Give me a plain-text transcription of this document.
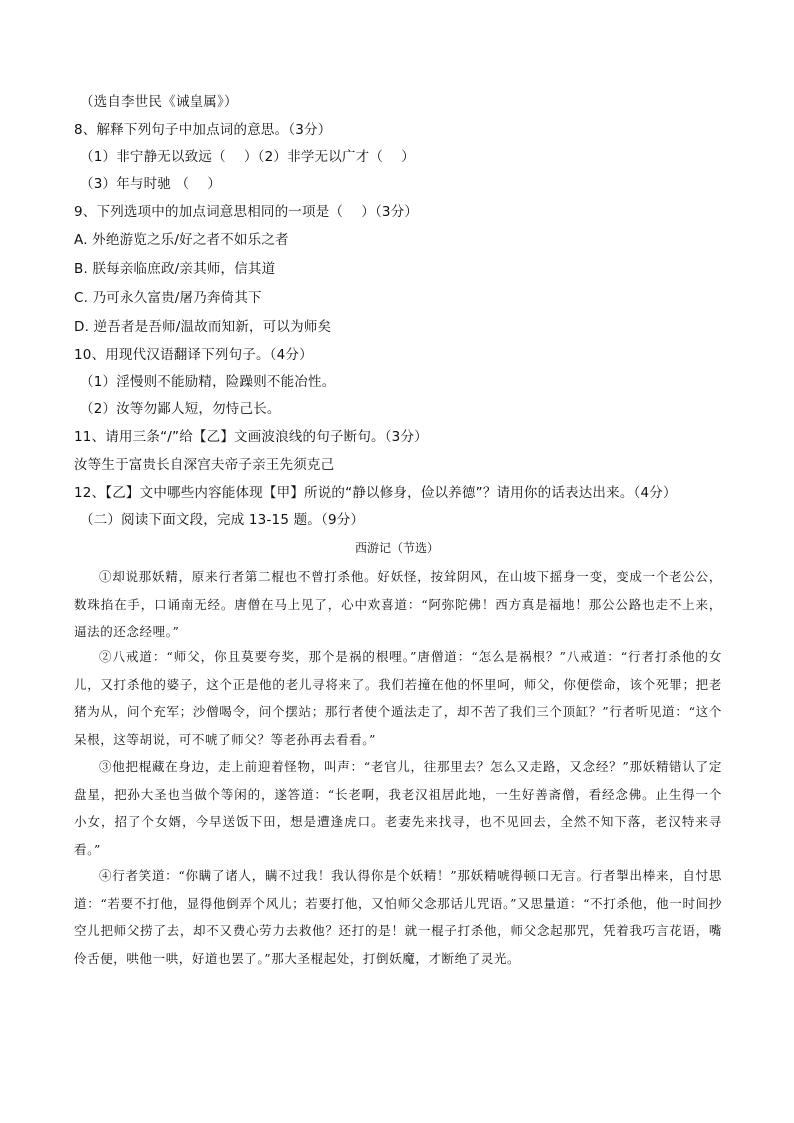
（选自李世民《诫皇属》）
8、解释下列句子中加点词的意思。（3分）
（1）非宁静无以致远（　 ）（2）非学无以广才（　 ）
（3）年与时驰 （　 ）
9、下列选项中的加点词意思相同的一项是（　 ）（3分）
A. 外绝游览之乐/好之者不如乐之者
B. 朕每亲临庶政/亲其师，信其道
C. 乃可永久富贵/屠乃奔倚其下
D. 逆吾者是吾师/温故而知新，可以为师矣
10、用现代汉语翻译下列句子。（4分）
（1）淫慢则不能励精，险躁则不能冶性。
（2）汝等勿鄙人短，勿恃己长。
11、请用三条“/”给【乙】文画波浪线的句子断句。（3分）
汝等生于富贵长自深宫夫帝子亲王先须克己
12、【乙】文中哪些内容能体现【甲】所说的“静以修身，俭以养德”？请用你的话表达出来。（4分）
（二）阅读下面文段，完成 13-15 题。（9分）
西游记（节选）
①却说那妖精，原来行者第二棍也不曾打杀他。好妖怪，按耸阴风，在山坡下摇身一变，变成一个老公公，数珠掐在手，口诵南无经。唐僧在马上见了，心中欢喜道：“阿弥陀佛！西方真是福地！那公公路也走不上来，逼法的还念经哩。”
②八戒道：“师父，你且莫要夸奖，那个是祸的根哩。”唐僧道：“怎么是祸根？”八戒道：“行者打杀他的女儿，又打杀他的婆子，这个正是他的老儿寻将来了。我们若撞在他的怀里呵，师父，你便偿命，该个死罪；把老猪为从，问个充军；沙僧喝令，问个摆站；那行者使个遁法走了，却不苦了我们三个顶缸？”行者听见道：“这个呆根，这等胡说，可不唬了师父？等老孙再去看看。”
③他把棍藏在身边，走上前迎着怪物，叫声：“老官儿，往那里去？怎么又走路，又念经？”那妖精错认了定盘星，把孙大圣也当做个等闲的，遂答道：“长老啊，我老汉祖居此地，一生好善斋僧，看经念佛。止生得一个小女，招了个女婿，今早送饭下田，想是遭逢虎口。老妻先来找寻，也不见回去，全然不知下落，老汉特来寻看。”
④行者笑道：“你瞒了诸人，瞒不过我！我认得你是个妖精！”那妖精唬得顿口无言。行者掣出棒来，自忖思道：“若要不打他，显得他倒弄个风儿；若要打他，又怕师父念那话儿咒语。”又思量道：“不打杀他，他一时间抄空儿把师父捞了去，却不又费心劳力去救他？还打的是！就一棍子打杀他，师父念起那咒，凭着我巧言花语，嘴伶舌便，哄他一哄，好道也罢了。”那大圣棍起处，打倒妖魔，才断绝了灵光。
